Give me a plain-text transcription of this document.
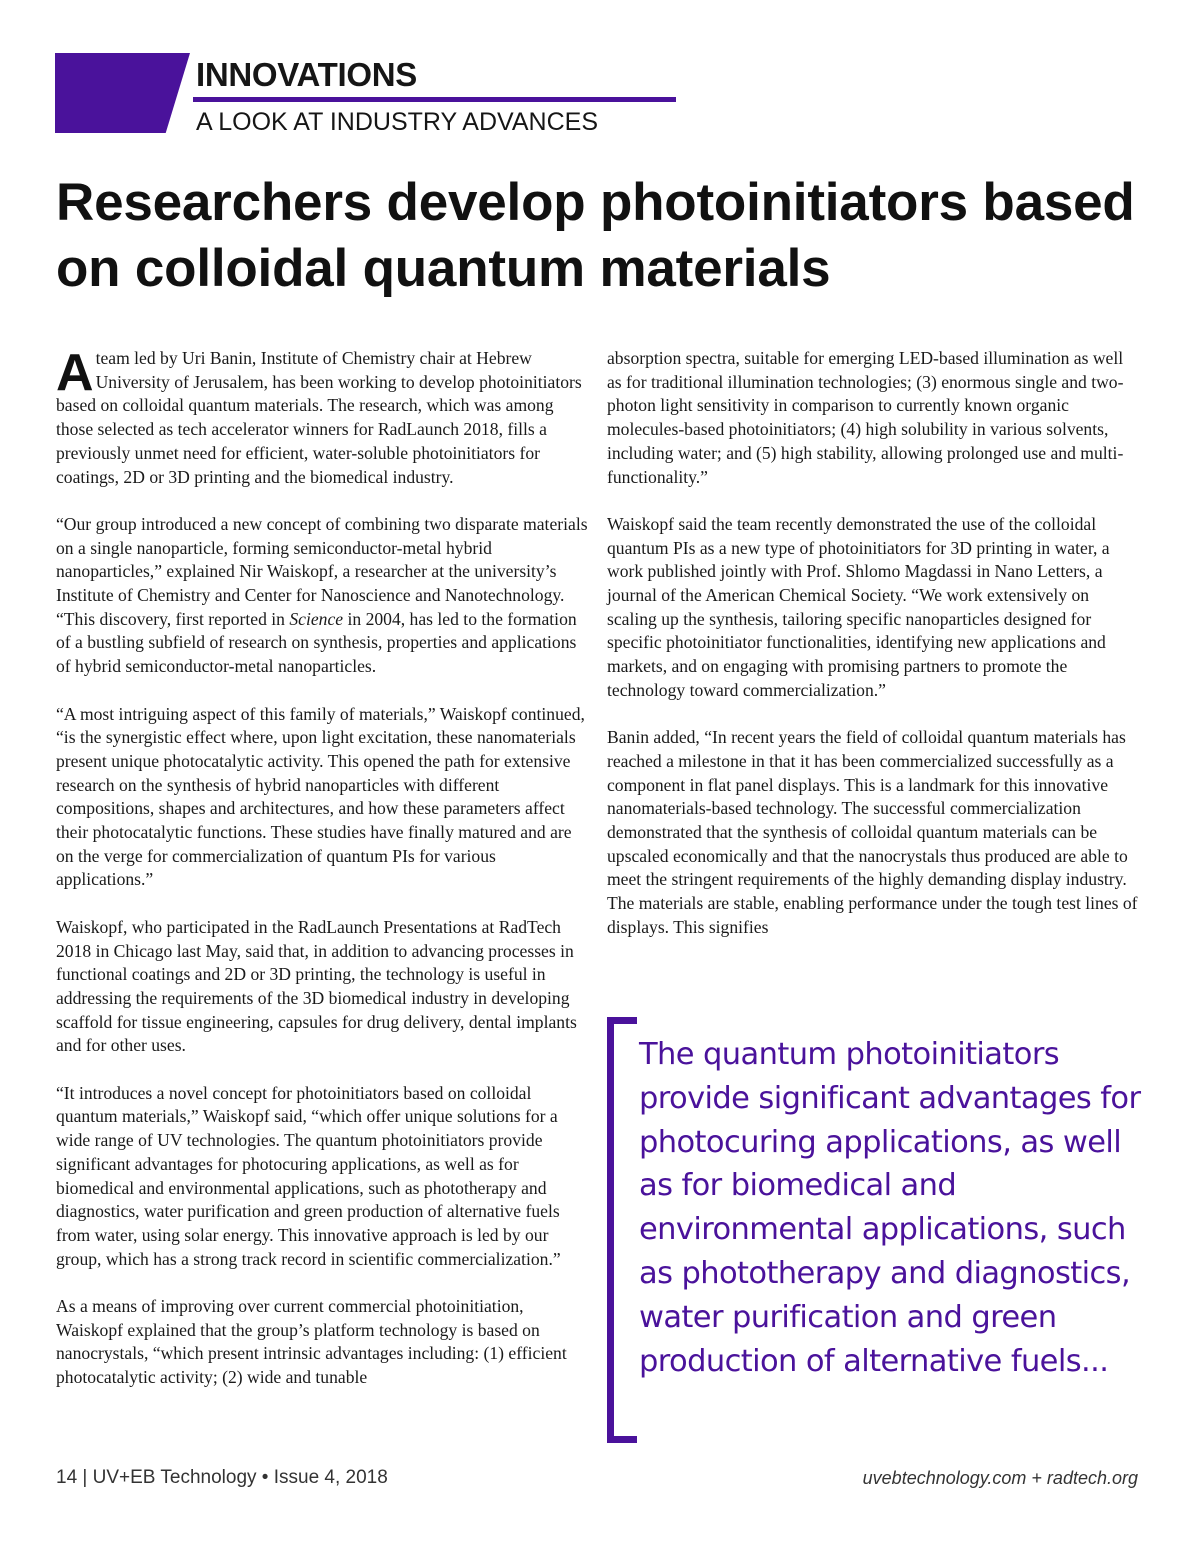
INNOVATIONS
A LOOK AT INDUSTRY ADVANCES
Researchers develop photoinitiators based on colloidal quantum materials

A team led by Uri Banin, Institute of Chemistry chair at Hebrew University of Jerusalem, has been working to develop photoinitiators based on colloidal quantum materials. The research, which was among those selected as tech accelerator winners for RadLaunch 2018, fills a previously unmet need for efficient, water-soluble photoinitiators for coatings, 2D or 3D printing and the biomedical industry.

“Our group introduced a new concept of combining two disparate materials on a single nanoparticle, forming semiconductor-metal hybrid nanoparticles,” explained Nir Waiskopf, a researcher at the university’s Institute of Chemistry and Center for Nanoscience and Nanotechnology. “This discovery, first reported in Science in 2004, has led to the formation of a bustling subfield of research on synthesis, properties and applications of hybrid semiconductor-metal nanoparticles.

“A most intriguing aspect of this family of materials,” Waiskopf continued, “is the synergistic effect where, upon light excitation, these nanomaterials present unique photocatalytic activity. This opened the path for extensive research on the synthesis of hybrid nanoparticles with different compositions, shapes and architectures, and how these parameters affect their photocatalytic functions. These studies have finally matured and are on the verge for commercialization of quantum PIs for various applications.”

Waiskopf, who participated in the RadLaunch Presentations at RadTech 2018 in Chicago last May, said that, in addition to advancing processes in functional coatings and 2D or 3D printing, the technology is useful in addressing the requirements of the 3D biomedical industry in developing scaffold for tissue engineering, capsules for drug delivery, dental implants and for other uses.

“It introduces a novel concept for photoinitiators based on colloidal quantum materials,” Waiskopf said, “which offer unique solutions for a wide range of UV technologies. The quantum photoinitiators provide significant advantages for photocuring applications, as well as for biomedical and environmental applications, such as phototherapy and diagnostics, water purification and green production of alternative fuels from water, using solar energy. This innovative approach is led by our group, which has a strong track record in scientific commercialization.”

As a means of improving over current commercial photoinitiation, Waiskopf explained that the group’s platform technology is based on nanocrystals, “which present intrinsic advantages including: (1) efficient photocatalytic activity; (2) wide and tunable

absorption spectra, suitable for emerging LED-based illumination as well as for traditional illumination technologies; (3) enormous single and two-photon light sensitivity in comparison to currently known organic molecules-based photoinitiators; (4) high solubility in various solvents, including water; and (5) high stability, allowing prolonged use and multi-functionality.”

Waiskopf said the team recently demonstrated the use of the colloidal quantum PIs as a new type of photoinitiators for 3D printing in water, a work published jointly with Prof. Shlomo Magdassi in Nano Letters, a journal of the American Chemical Society. “We work extensively on scaling up the synthesis, tailoring specific nanoparticles designed for specific photoinitiator functionalities, identifying new applications and markets, and on engaging with promising partners to promote the technology toward commercialization.”

Banin added, “In recent years the field of colloidal quantum materials has reached a milestone in that it has been commercialized successfully as a component in flat panel displays. This is a landmark for this innovative nanomaterials-based technology. The successful commercialization demonstrated that the synthesis of colloidal quantum materials can be upscaled economically and that the nanocrystals thus produced are able to meet the stringent requirements of the highly demanding display industry. The materials are stable, enabling performance under the tough test lines of displays. This signifies

The quantum photoinitiators provide significant advantages for photocuring applications, as well as for biomedical and environmental applications, such as phototherapy and diagnostics, water purification and green production of alternative fuels...
14 | UV+EB Technology • Issue 4, 2018	uvebtechnology.com + radtech.org
